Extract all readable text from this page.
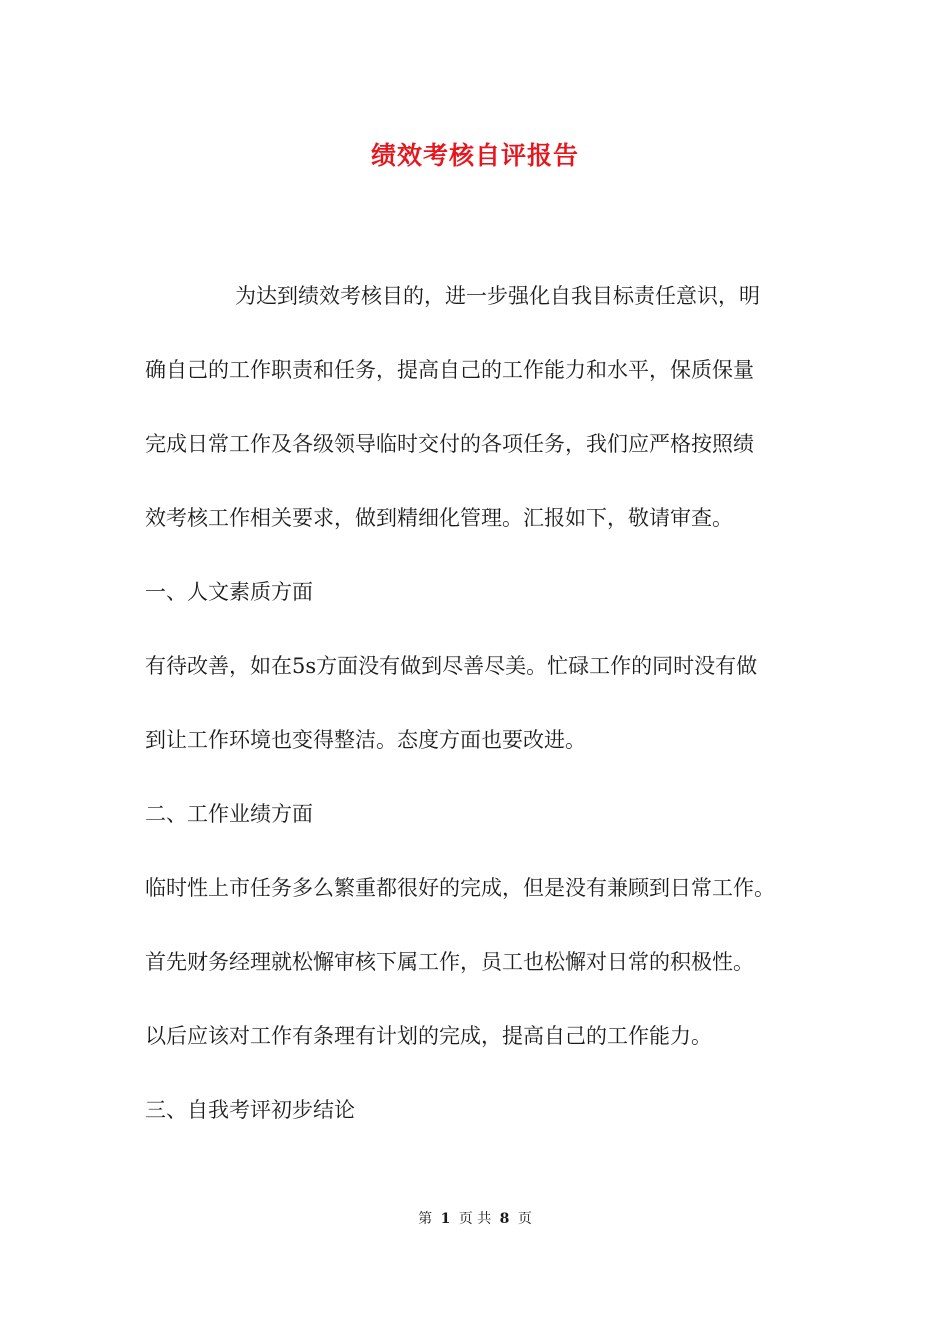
绩效考核自评报告

为达到绩效考核目的，进一步强化自我目标责任意识，明

确自己的工作职责和任务，提高自己的工作能力和水平，保质保量

完成日常工作及各级领导临时交付的各项任务，我们应严格按照绩

效考核工作相关要求，做到精细化管理。汇报如下，敬请审查。

一、人文素质方面

有待改善，如在5s方面没有做到尽善尽美。忙碌工作的同时没有做

到让工作环境也变得整洁。态度方面也要改进。

二、工作业绩方面

临时性上市任务多么繁重都很好的完成，但是没有兼顾到日常工作。

首先财务经理就松懈审核下属工作，员工也松懈对日常的积极性。

以后应该对工作有条理有计划的完成，提高自己的工作能力。

三、自我考评初步结论

第 1 页 共 8 页
